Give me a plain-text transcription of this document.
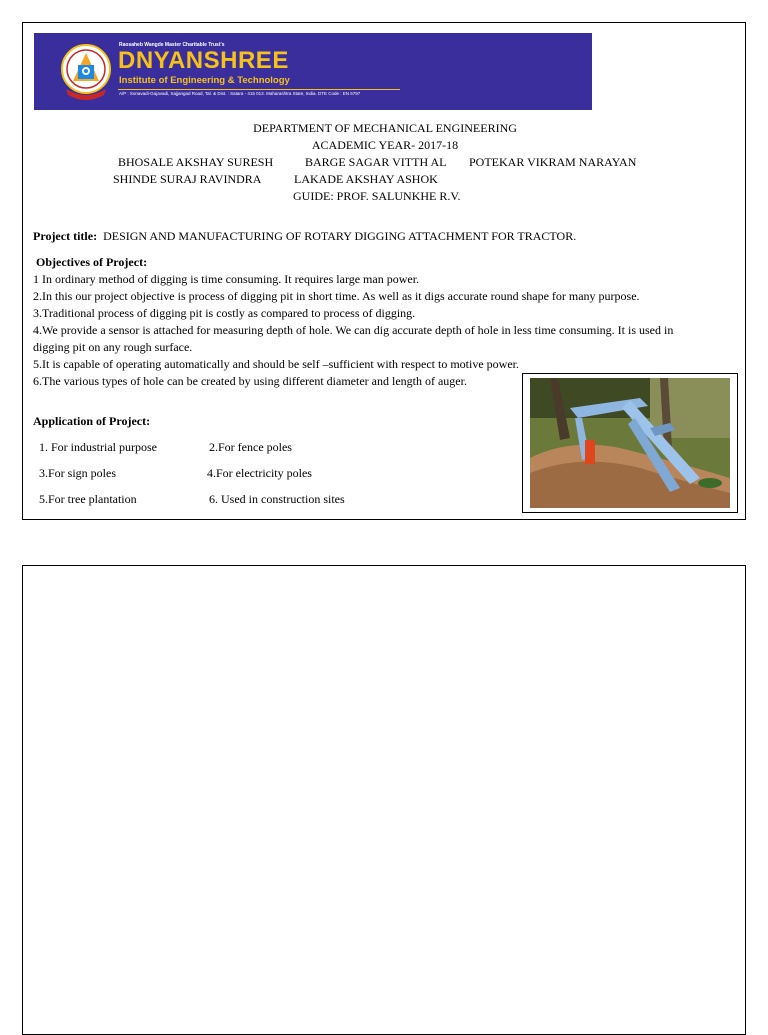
Raosaheb Wangde Master Charitable Trust's
DNYANSHREE
Institute of Engineering & Technology
A/P : Sonavadi-Gajavadi, Sajjangad Road, Tal. & Dist. : Satara - 415 013. Maharashtra State, India. DTE Code : EN 6797
DEPARTMENT OF MECHANICAL ENGINEERING
ACADEMIC YEAR- 2017-18
BHOSALE AKSHAY SURESH	BARGE SAGAR VITTH AL POTEKAR VIKRAM NARAYAN
SHINDE SURAJ RAVINDRA	LAKADE AKSHAY ASHOK
GUIDE: PROF. SALUNKHE R.V.
Project title: DESIGN AND MANUFACTURING OF ROTARY DIGGING ATTACHMENT FOR TRACTOR.
Objectives of Project:
1 In ordinary method of digging is time consuming. It requires large man power.
2.In this our project objective is process of digging pit in short time. As well as it digs accurate round shape for many purpose.
3.Traditional process of digging pit is costly as compared to process of digging.
4.We provide a sensor is attached for measuring depth of hole. We can dig accurate depth of hole in less time consuming. It is used in
digging pit on any rough surface.
5.It is capable of operating automatically and should be self –sufficient with respect to motive power.
6.The various types of hole can be created by using different diameter and length of auger.
Application of Project:
1. For industrial purpose	2.For fence poles
3.For sign poles	4.For electricity poles
5.For tree plantation	6. Used in construction sites
